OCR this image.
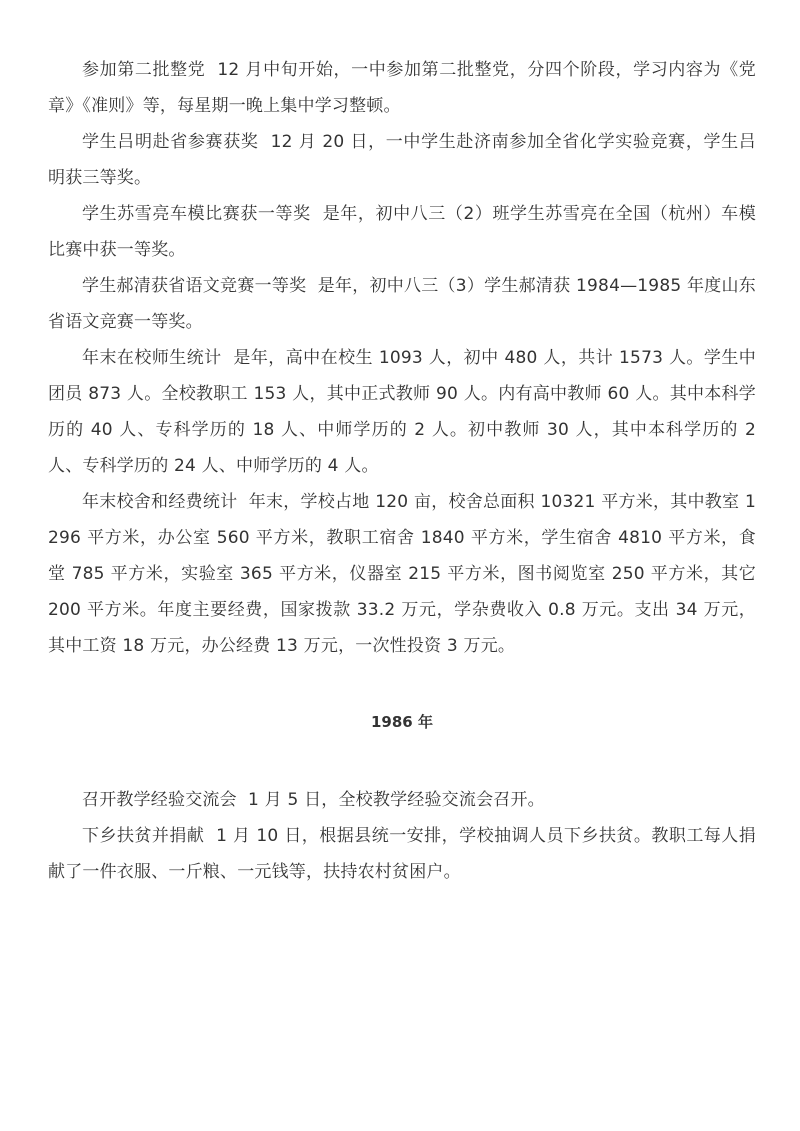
参加第二批整党 12 月中旬开始，一中参加第二批整党，分四个阶段，学习内容为《党章》《准则》等，每星期一晚上集中学习整顿。

学生吕明赴省参赛获奖 12 月 20 日，一中学生赴济南参加全省化学实验竞赛，学生吕明获三等奖。

学生苏雪亮车模比赛获一等奖 是年，初中八三（2）班学生苏雪亮在全国（杭州）车模比赛中获一等奖。

学生郝清获省语文竞赛一等奖 是年，初中八三（3）学生郝清获 1984—1985 年度山东省语文竞赛一等奖。

年末在校师生统计 是年，高中在校生 1093 人，初中 480 人，共计 1573 人。学生中团员 873 人。全校教职工 153 人，其中正式教师 90 人。内有高中教师 60 人。其中本科学历的 40 人、专科学历的 18 人、中师学历的 2 人。初中教师 30 人，其中本科学历的 2 人、专科学历的 24 人、中师学历的 4 人。

年末校舍和经费统计 年末，学校占地 120 亩，校舍总面积 10321 平方米，其中教室 1296 平方米，办公室 560 平方米，教职工宿舍 1840 平方米，学生宿舍 4810 平方米，食堂 785 平方米，实验室 365 平方米，仪器室 215 平方米，图书阅览室 250 平方米，其它 200 平方米。年度主要经费，国家拨款 33.2 万元，学杂费收入 0.8 万元。支出 34 万元，其中工资 18 万元，办公经费 13 万元，一次性投资 3 万元。

1986 年

召开教学经验交流会 1 月 5 日，全校教学经验交流会召开。

下乡扶贫并捐献 1 月 10 日，根据县统一安排，学校抽调人员下乡扶贫。教职工每人捐献了一件衣服、一斤粮、一元钱等，扶持农村贫困户。
